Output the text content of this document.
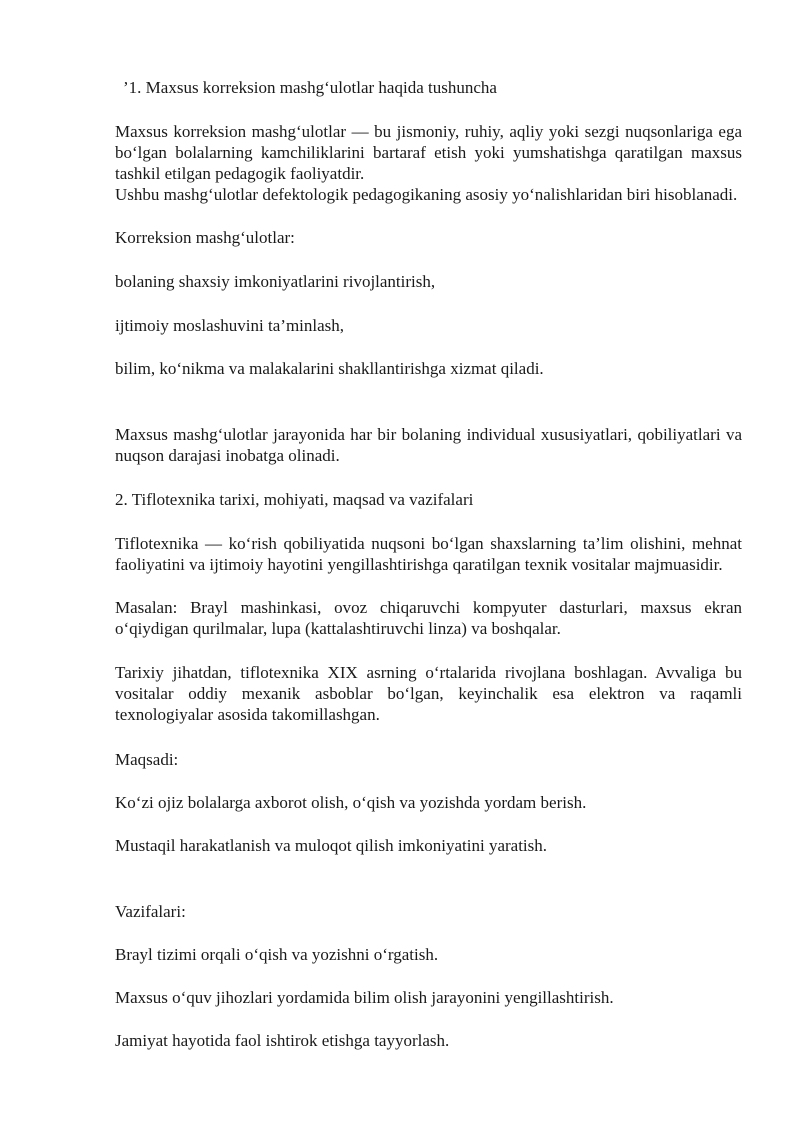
’1. Maxsus korreksion mashg‘ulotlar haqida tushuncha

Maxsus korreksion mashg‘ulotlar — bu jismoniy, ruhiy, aqliy yoki sezgi nuqsonlariga ega bo‘lgan bolalarning kamchiliklarini bartaraf etish yoki yumshatishga qaratilgan maxsus tashkil etilgan pedagogik faoliyatdir.

Ushbu mashg‘ulotlar defektologik pedagogikaning asosiy yo‘nalishlaridan biri hisoblanadi.

Korreksion mashg‘ulotlar:

bolaning shaxsiy imkoniyatlarini rivojlantirish,

ijtimoiy moslashuvini ta’minlash,

bilim, ko‘nikma va malakalarini shakllantirishga xizmat qiladi.

Maxsus mashg‘ulotlar jarayonida har bir bolaning individual xususiyatlari, qobiliyatlari va nuqson darajasi inobatga olinadi.

2. Tiflotexnika tarixi, mohiyati, maqsad va vazifalari

Tiflotexnika — ko‘rish qobiliyatida nuqsoni bo‘lgan shaxslarning ta’lim olishini, mehnat faoliyatini va ijtimoiy hayotini yengillashtirishga qaratilgan texnik vositalar majmuasidir.

Masalan: Brayl mashinkasi, ovoz chiqaruvchi kompyuter dasturlari, maxsus ekran o‘qiydigan qurilmalar, lupa (kattalashtiruvchi linza) va boshqalar.

Tarixiy jihatdan, tiflotexnika XIX asrning o‘rtalarida rivojlana boshlagan. Avvaliga bu vositalar oddiy mexanik asboblar bo‘lgan, keyinchalik esa elektron va raqamli texnologiyalar asosida takomillashgan.

Maqsadi:

Ko‘zi ojiz bolalarga axborot olish, o‘qish va yozishda yordam berish.

Mustaqil harakatlanish va muloqot qilish imkoniyatini yaratish.

Vazifalari:

Brayl tizimi orqali o‘qish va yozishni o‘rgatish.

Maxsus o‘quv jihozlari yordamida bilim olish jarayonini yengillashtirish.

Jamiyat hayotida faol ishtirok etishga tayyorlash.
